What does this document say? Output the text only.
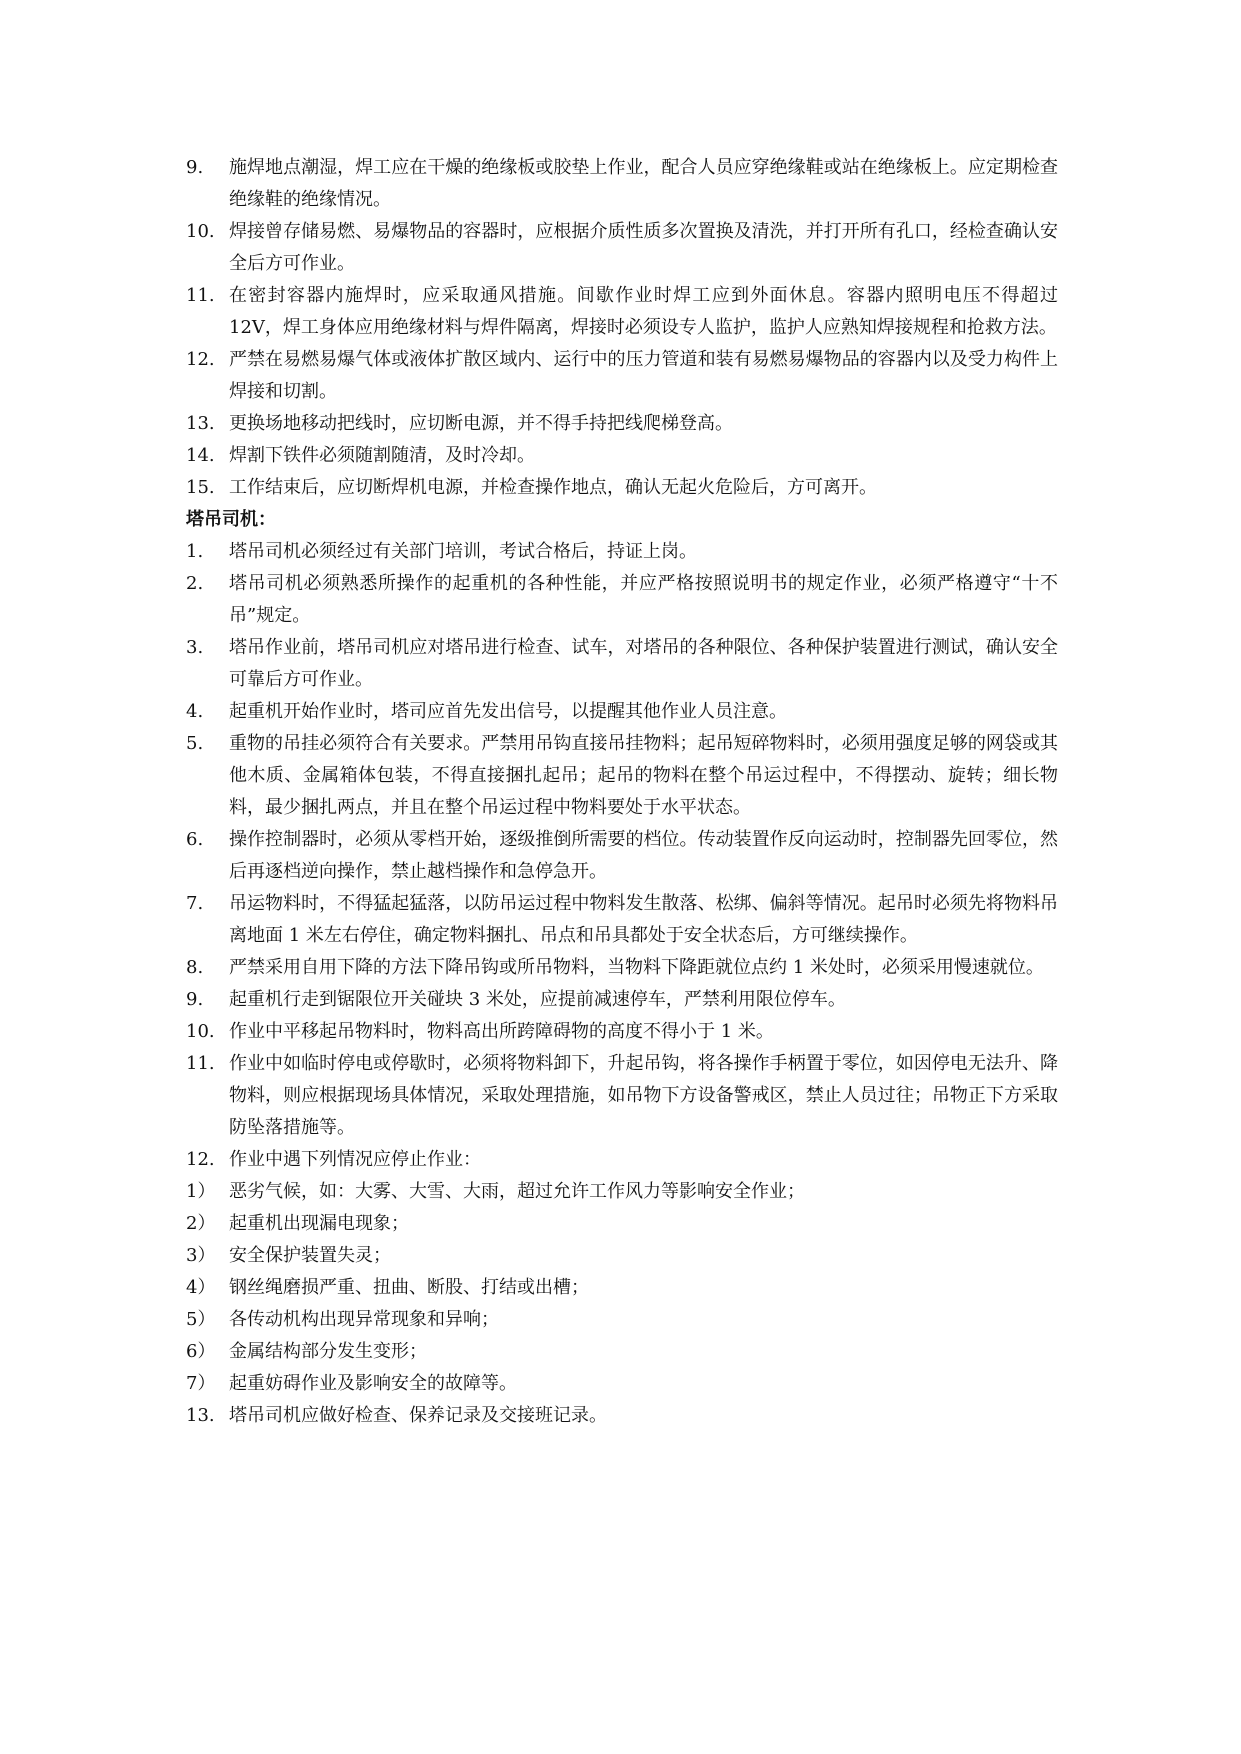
9.	施焊地点潮湿，焊工应在干燥的绝缘板或胶垫上作业，配合人员应穿绝缘鞋或站在绝缘板上。应定期检查绝缘鞋的绝缘情况。
10. 焊接曾存储易燃、易爆物品的容器时，应根据介质性质多次置换及清洗，并打开所有孔口，经检查确认安全后方可作业。
11. 在密封容器内施焊时，应采取通风措施。间歇作业时焊工应到外面休息。容器内照明电压不得超过 12V，焊工身体应用绝缘材料与焊件隔离，焊接时必须设专人监护，监护人应熟知焊接规程和抢救方法。
12. 严禁在易燃易爆气体或液体扩散区域内、运行中的压力管道和装有易燃易爆物品的容器内以及受力构件上焊接和切割。
13. 更换场地移动把线时，应切断电源，并不得手持把线爬梯登高。
14. 焊割下铁件必须随割随清，及时冷却。
15. 工作结束后，应切断焊机电源，并检查操作地点，确认无起火危险后，方可离开。
塔吊司机：
1.	塔吊司机必须经过有关部门培训，考试合格后，持证上岗。
2.	塔吊司机必须熟悉所操作的起重机的各种性能，并应严格按照说明书的规定作业，必须严格遵守“十不吊”规定。
3.	塔吊作业前，塔吊司机应对塔吊进行检查、试车，对塔吊的各种限位、各种保护装置进行测试，确认安全可靠后方可作业。
4.	起重机开始作业时，塔司应首先发出信号，以提醒其他作业人员注意。
5.	重物的吊挂必须符合有关要求。严禁用吊钩直接吊挂物料；起吊短碎物料时，必须用强度足够的网袋或其他木质、金属箱体包装，不得直接捆扎起吊；起吊的物料在整个吊运过程中，不得摆动、旋转；细长物料，最少捆扎两点，并且在整个吊运过程中物料要处于水平状态。
6.	操作控制器时，必须从零档开始，逐级推倒所需要的档位。传动装置作反向运动时，控制器先回零位，然后再逐档逆向操作，禁止越档操作和急停急开。
7.	吊运物料时，不得猛起猛落，以防吊运过程中物料发生散落、松绑、偏斜等情况。起吊时必须先将物料吊离地面 1 米左右停住，确定物料捆扎、吊点和吊具都处于安全状态后，方可继续操作。
8.	严禁采用自用下降的方法下降吊钩或所吊物料，当物料下降距就位点约 1 米处时，必须采用慢速就位。
9.	起重机行走到锯限位开关碰块 3 米处，应提前减速停车，严禁利用限位停车。
10. 作业中平移起吊物料时，物料高出所跨障碍物的高度不得小于 1 米。
11. 作业中如临时停电或停歇时，必须将物料卸下，升起吊钩，将各操作手柄置于零位，如因停电无法升、降物料，则应根据现场具体情况，采取处理措施，如吊物下方设备警戒区，禁止人员过往；吊物正下方采取防坠落措施等。
12. 作业中遇下列情况应停止作业：
1） 恶劣气候，如：大雾、大雪、大雨，超过允许工作风力等影响安全作业；
2） 起重机出现漏电现象；
3） 安全保护装置失灵；
4） 钢丝绳磨损严重、扭曲、断股、打结或出槽；
5） 各传动机构出现异常现象和异响；
6） 金属结构部分发生变形；
7） 起重妨碍作业及影响安全的故障等。
13. 塔吊司机应做好检查、保养记录及交接班记录。
